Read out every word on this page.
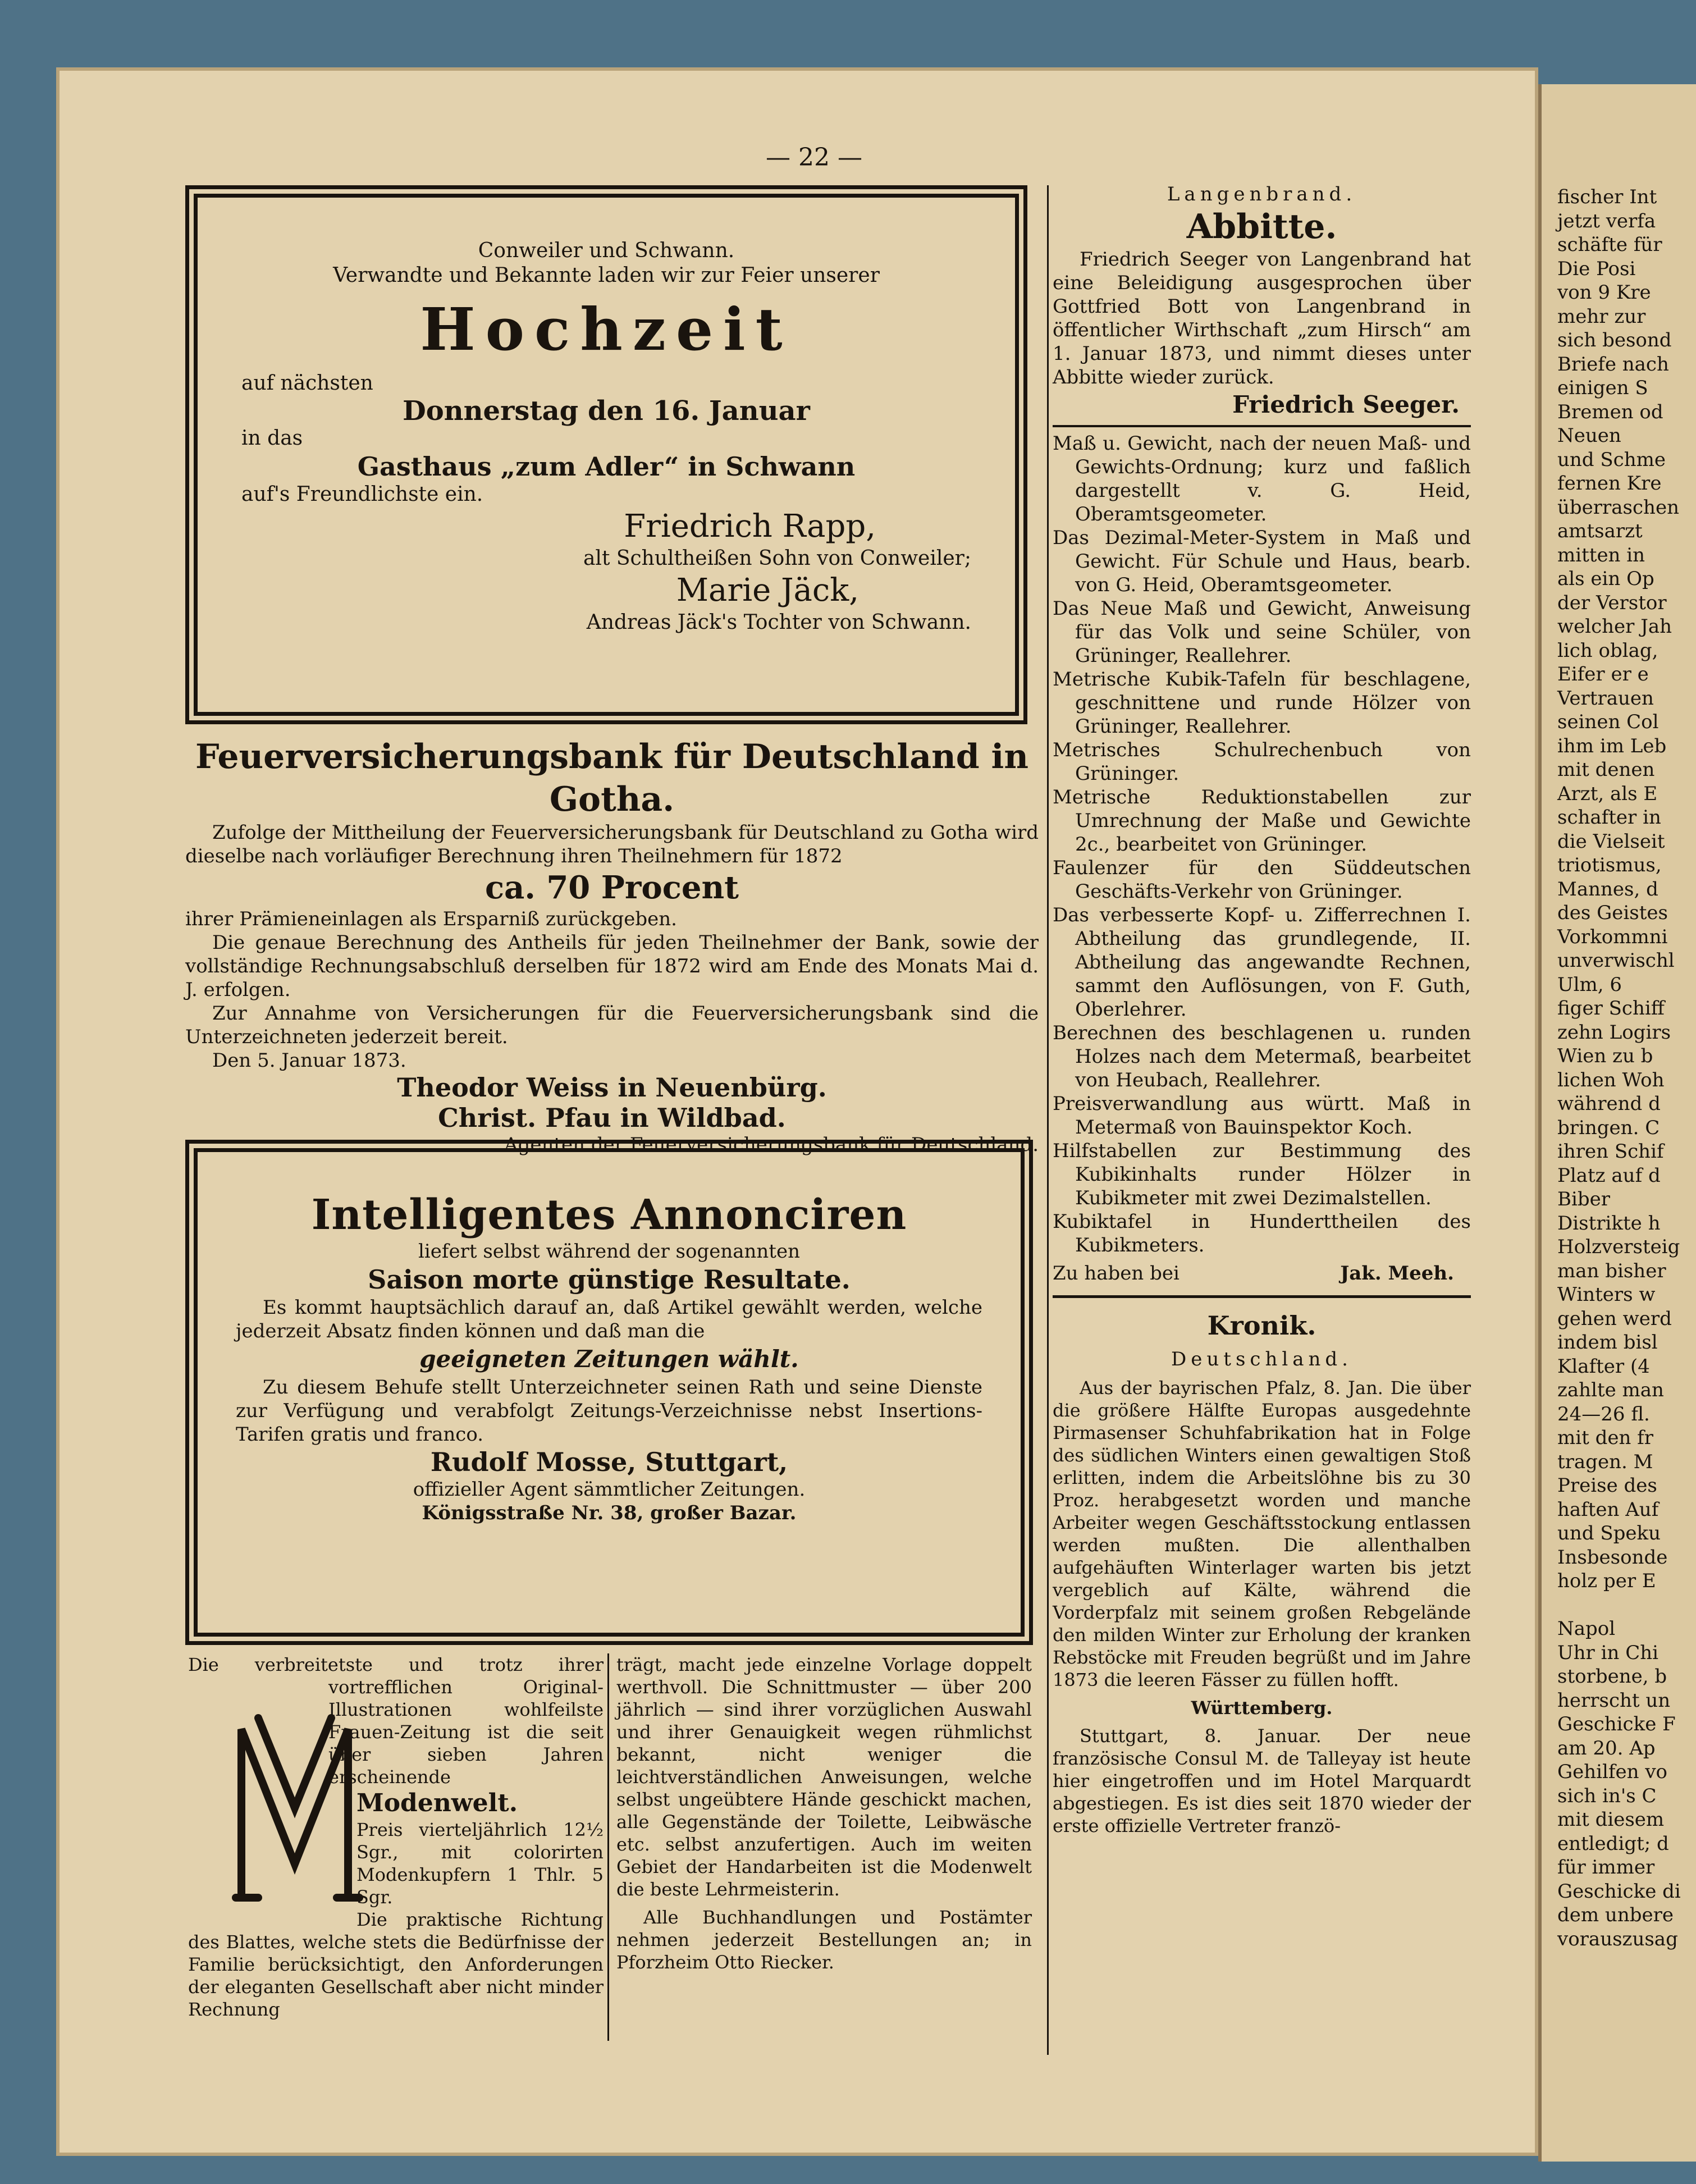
fischer Int
jetzt verfa
schäfte für
Die Posi
von 9 Kre
mehr zur
sich besond
Briefe nach
einigen S
Bremen od
Neuen
und Schme
fernen Kre
überraschen
amtsarzt
mitten in
als ein Op
der Verstor
welcher Jah
lich oblag,
Eifer er e
Vertrauen
seinen Col
ihm im Leb
mit denen
Arzt, als E
schafter in
die Vielseit
triotismus,
Mannes, d
des Geistes
Vorkommni
unverwischl
Ulm, 6
figer Schiff
zehn Logirs
Wien zu b
lichen Woh
während d
bringen. C
ihren Schif
Platz auf d
Biber
Distrikte h
Holzversteig
man bisher
Winters w
gehen werd
indem bisl
Klafter (4
zahlte man
24—26 fl.
mit den fr
tragen. M
Preise des
haften Auf
und Speku
Insbesonde
holz per E

Napol
Uhr in Chi
storbene, b
herrscht un
Geschicke F
am 20. Ap
Gehilfen vo
sich in's C
mit diesem
entledigt; d
für immer
Geschicke di
dem unbere
vorauszusag
— 22 —
Conweiler und Schwann.
Verwandte und Bekannte laden wir zur Feier unserer
Hochzeit
auf nächsten
Donnerstag den 16. Januar
in das
Gasthaus „zum Adler“ in Schwann
auf's Freundlichste ein.
Friedrich Rapp,
alt Schultheißen Sohn von Conweiler;
Marie Jäck,
Andreas Jäck's Tochter von Schwann.
Feuerversicherungsbank für Deutschland in Gotha.
Zufolge der Mittheilung der Feuerversicherungsbank für Deutschland zu Gotha wird dieselbe nach vorläufiger Berechnung ihren Theilnehmern für 1872
ca. 70 Procent
ihrer Prämieneinlagen als Ersparniß zurückgeben.
Die genaue Berechnung des Antheils für jeden Theilnehmer der Bank, sowie der vollständige Rechnungsabschluß derselben für 1872 wird am Ende des Monats Mai d. J. erfolgen.
Zur Annahme von Versicherungen für die Feuerversicherungsbank sind die Unterzeichneten jederzeit bereit.
Den 5. Januar 1873.
Theodor Weiss in Neuenbürg.
Christ. Pfau in Wildbad.
Agenten der Feuerversicherungsbank für Deutschland.
Intelligentes Annonciren
liefert selbst während der sogenannten
Saison morte günstige Resultate.
Es kommt hauptsächlich darauf an, daß Artikel gewählt werden, welche jederzeit Absatz finden können und daß man die
geeigneten Zeitungen wählt.
Zu diesem Behufe stellt Unterzeichneter seinen Rath und seine Dienste zur Verfügung und verabfolgt Zeitungs-Verzeichnisse nebst Insertions-Tarifen gratis und franco.
Rudolf Mosse, Stuttgart,
offizieller Agent sämmtlicher Zeitungen.
Königsstraße Nr. 38, großer Bazar.
Die verbreitetste und trotz ihrer vortrefflichen Original-Illustrationen wohlfeilste Frauen-Zeitung ist die seit über sieben Jahren erscheinende
Modenwelt.
Preis vierteljährlich 12½ Sgr., mit colorirten Modenkupfern 1 Thlr. 5 Sgr.
Die praktische Richtung des Blattes, welche stets die Bedürfnisse der Familie berücksichtigt, den Anforderungen der eleganten Gesellschaft aber nicht minder Rechnung
trägt, macht jede einzelne Vorlage doppelt werthvoll. Die Schnittmuster — über 200 jährlich — sind ihrer vorzüglichen Auswahl und ihrer Genauigkeit wegen rühmlichst bekannt, nicht weniger die leichtverständlichen Anweisungen, welche selbst ungeübtere Hände geschickt machen, alle Gegenstände der Toilette, Leibwäsche etc. selbst anzufertigen. Auch im weiten Gebiet der Handarbeiten ist die Modenwelt die beste Lehrmeisterin.
Alle Buchhandlungen und Postämter nehmen jederzeit Bestellungen an; in Pforzheim Otto Riecker.
Langenbrand.
Abbitte.
Friedrich Seeger von Langenbrand hat eine Beleidigung ausgesprochen über Gottfried Bott von Langenbrand in öffentlicher Wirthschaft „zum Hirsch“ am 1. Januar 1873, und nimmt dieses unter Abbitte wieder zurück.
Friedrich Seeger.
Maß u. Gewicht, nach der neuen Maß- und Gewichts-Ordnung; kurz und faßlich dargestellt v. G. Heid, Oberamtsgeometer.
Das Dezimal-Meter-System in Maß und Gewicht. Für Schule und Haus, bearb. von G. Heid, Oberamtsgeometer.
Das Neue Maß und Gewicht, Anweisung für das Volk und seine Schüler, von Grüninger, Reallehrer.
Metrische Kubik-Tafeln für beschlagene, geschnittene und runde Hölzer von Grüninger, Reallehrer.
Metrisches Schulrechenbuch von Grüninger.
Metrische Reduktionstabellen zur Umrechnung der Maße und Gewichte 2c., bearbeitet von Grüninger.
Faulenzer für den Süddeutschen Geschäfts-Verkehr von Grüninger.
Das verbesserte Kopf- u. Zifferrechnen I. Abtheilung das grundlegende, II. Abtheilung das angewandte Rechnen, sammt den Auflösungen, von F. Guth, Oberlehrer.
Berechnen des beschlagenen u. runden Holzes nach dem Metermaß, bearbeitet von Heubach, Reallehrer.
Preisverwandlung aus württ. Maß in Metermaß von Bauinspektor Koch.
Hilfstabellen zur Bestimmung des Kubikinhalts runder Hölzer in Kubikmeter mit zwei Dezimalstellen.
Kubiktafel in Hunderttheilen des Kubikmeters.
Zu haben bei	Jak. Meeh.
Kronik.
Deutschland.
Aus der bayrischen Pfalz, 8. Jan. Die über die größere Hälfte Europas ausgedehnte Pirmasenser Schuhfabrikation hat in Folge des südlichen Winters einen gewaltigen Stoß erlitten, indem die Arbeitslöhne bis zu 30 Proz. herabgesetzt worden und manche Arbeiter wegen Geschäftsstockung entlassen werden mußten. Die allenthalben aufgehäuften Winterlager warten bis jetzt vergeblich auf Kälte, während die Vorderpfalz mit seinem großen Rebgelände den milden Winter zur Erholung der kranken Rebstöcke mit Freuden begrüßt und im Jahre 1873 die leeren Fässer zu füllen hofft.
Württemberg.
Stuttgart, 8. Januar. Der neue französische Consul M. de Talleyay ist heute hier eingetroffen und im Hotel Marquardt abgestiegen. Es ist dies seit 1870 wieder der erste offizielle Vertreter franzö-
